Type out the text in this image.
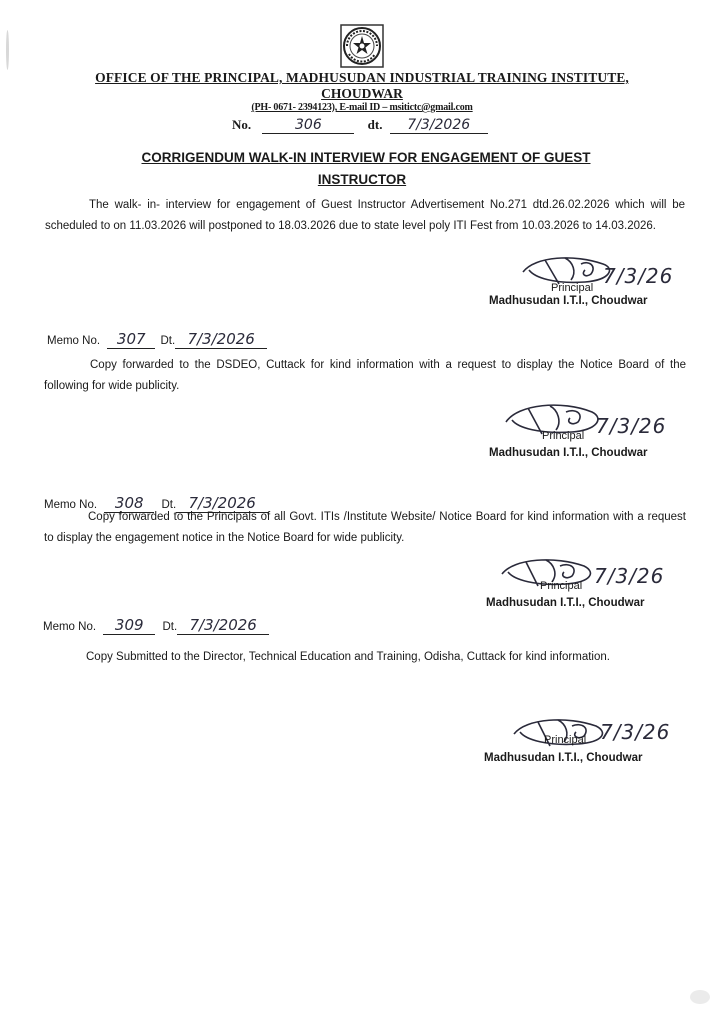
OFFICE OF THE PRINCIPAL, MADHUSUDAN INDUSTRIAL TRAINING INSTITUTE,
CHOUDWAR
(PH- 0671- 2394123), E-mail ID – msitictc@gmail.com
No.	306	dt. 7/3/2026
CORRIGENDUM WALK-IN INTERVIEW FOR ENGAGEMENT OF GUEST
INSTRUCTOR
The walk- in- interview for engagement of Guest Instructor Advertisement No.271 dtd.26.02.2026 which will be scheduled to on 11.03.2026 will postponed to 18.03.2026 due to state level poly ITI Fest from 10.03.2026 to 14.03.2026.
Principal 7/3/26
Madhusudan I.T.I., Choudwar
Memo No. 307 Dt. 7/3/2026
Copy forwarded to the DSDEO, Cuttack for kind information with a request to display the Notice Board of the following for wide publicity.
Principal 7/3/26
Madhusudan I.T.I., Choudwar
Memo No. 308 Dt. 7/3/2026
Copy forwarded to the Principals of all Govt. ITIs /Institute Website/ Notice Board for kind information with a request to display the engagement notice in the Notice Board for wide publicity.
Principal 7/3/26
Madhusudan I.T.I., Choudwar
Memo No. 309 Dt. 7/3/2026
Copy Submitted to the Director, Technical Education and Training, Odisha, Cuttack for kind information.
Principal 7/3/26
Madhusudan I.T.I., Choudwar
